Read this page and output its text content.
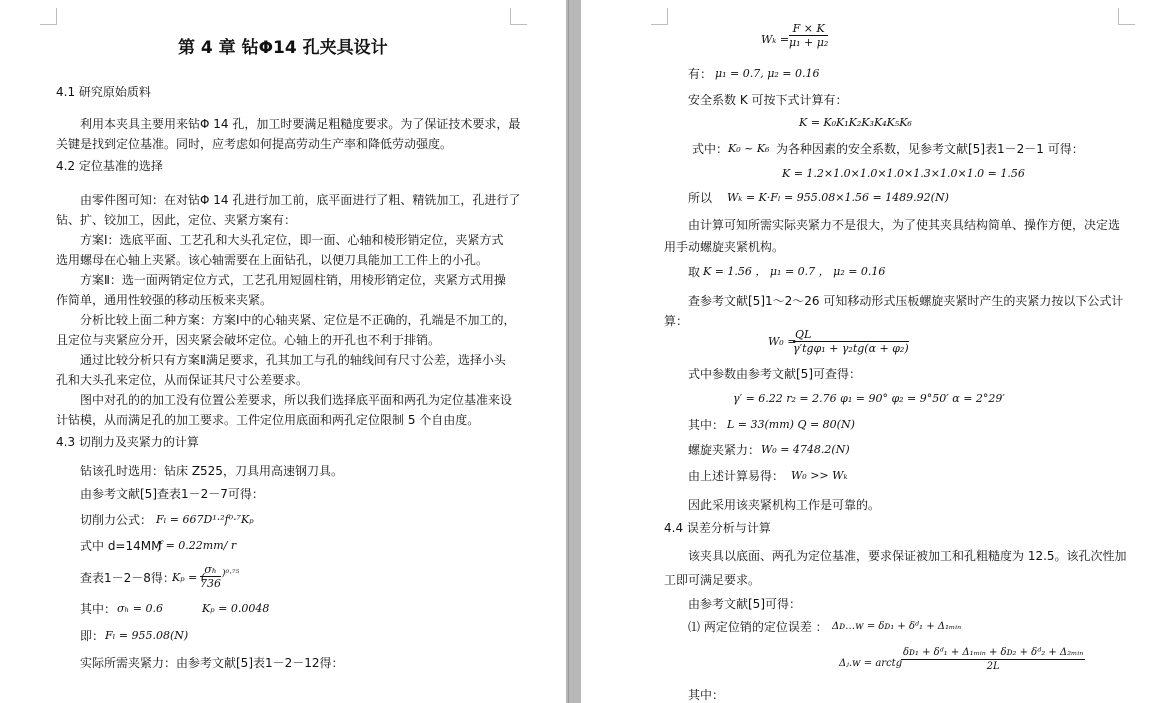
第 4 章 钻Φ14 孔夹具设计
4.1 研究原始质料
利用本夹具主要用来钻Φ 14 孔，加工时要满足粗糙度要求。为了保证技术要求，最
关键是找到定位基准。同时，应考虑如何提高劳动生产率和降低劳动强度。
4.2 定位基准的选择
由零件图可知：在对钻Φ 14 孔进行加工前，底平面进行了粗、精铣加工，孔进行了
钻、扩、铰加工，因此，定位、夹紧方案有：
方案Ⅰ：选底平面、工艺孔和大头孔定位，即一面、心轴和棱形销定位，夹紧方式
选用螺母在心轴上夹紧。该心轴需要在上面钻孔，以便刀具能加工工件上的小孔。
方案Ⅱ：选一面两销定位方式，工艺孔用短圆柱销，用棱形销定位，夹紧方式用操
作简单，通用性较强的移动压板来夹紧。
分析比较上面二种方案：方案Ⅰ中的心轴夹紧、定位是不正确的，孔端是不加工的，
且定位与夹紧应分开，因夹紧会破坏定位。心轴上的开孔也不利于排销。
通过比较分析只有方案Ⅱ满足要求，孔其加工与孔的轴线间有尺寸公差，选择小头
孔和大头孔来定位，从而保证其尺寸公差要求。
图中对孔的的加工没有位置公差要求，所以我们选择底平面和两孔为定位基准来设
计钻模，从而满足孔的加工要求。工件定位用底面和两孔定位限制 5 个自由度。
4.3 切削力及夹紧力的计算
钻该孔时选用：钻床 Z525，刀具用高速钢刀具。
由参考文献[5]查表1－2－7可得：
切削力公式： Fₗ = 667D¹·²f⁰·⁷Kₚ
式中 d=14MM
f = 0.22mm/ r
查表1－2－8得：
Kₚ = (
$\frac{\text{σₕ}}{736} )^0\cdot^{75}$
其中： σₕ = 0.6	Kₚ = 0.0048
即： Fₗ = 955.08(N)
实际所需夹紧力：由参考文献[5]表1－2－12得：
$W_k = \frac{F \times K}{\text{μ₁ + μ₂}}$
有： μ₁ = 0.7, μ₂ = 0.16
安全系数 K 可按下式计算有：
K = K₀K₁K₂K₃K₄K₅K₆
式中： K₀ ~ K₆ 为各种因素的安全系数，见参考文献[5]表1－2－1 可得：
K = 1.2×1.0×1.0×1.0×1.3×1.0×1.0 = 1.56
所以 Wₖ = K·Fₗ = 955.08×1.56 = 1489.92(N)
由计算可知所需实际夹紧力不是很大，为了使其夹具结构简单、操作方便，决定选
用手动螺旋夹紧机构。
取 K = 1.56 ， μ₁ = 0.7 ， μ₂ = 0.16
查参考文献[5]1～2～26 可知移动形式压板螺旋夹紧时产生的夹紧力按以下公式计
算：
W₀ =
QL
γ′tgφ₁ + γ₂tg(α + φ₂)
式中参数由参考文献[5]可查得：
γ′ = 6.22 r₂ = 2.76 φ₁ = 90° φ₂ = 9°50′ α = 2°29′
其中： L = 33(mm) Q = 80(N)
螺旋夹紧力： W₀ = 4748.2(N)
由上述计算易得： W₀ >> Wₖ
因此采用该夹紧机构工作是可靠的。
4.4 误差分析与计算
该夹具以底面、两孔为定位基准，要求保证被加工和孔粗糙度为 12.5。该孔次性加
工即可满足要求。
由参考文献[5]可得：
⑴ 两定位销的定位误差 ： Δᴅ…ᴡ = δᴅ₁ + δᵈ₁ + Δ₁ₘᵢₙ
Δⱼ.ᴡ = arctg
δᴅ₁ + δᵈ₁ + Δ₁ₘᵢₙ + δᴅ₂ + δᵈ₂ + Δ₂ₘᵢₙ
2L
其中：
